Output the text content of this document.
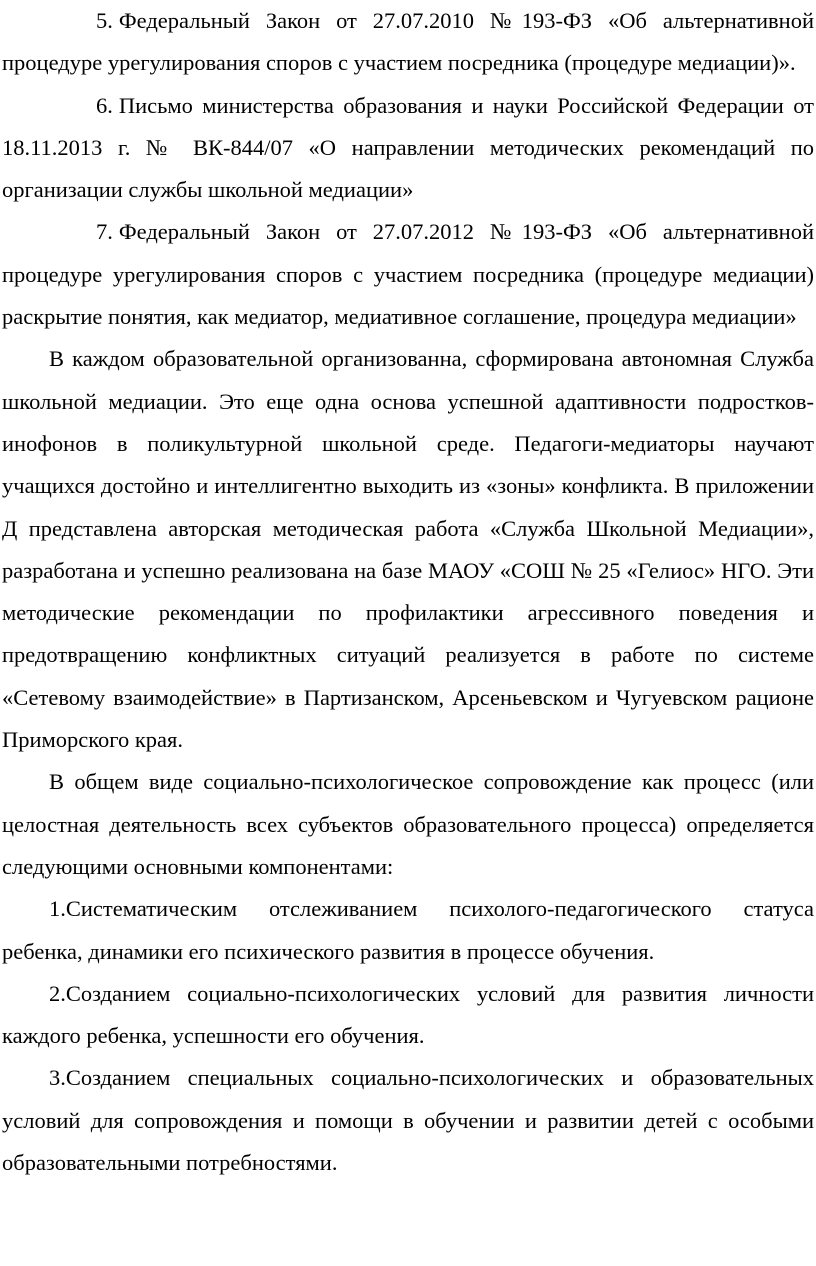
5. Федеральный Закон от 27.07.2010 №193-ФЗ «Об альтернативной процедуре урегулирования споров с участием посредника (процедуре медиации)».

6. Письмо министерства образования и науки Российской Федерации от 18.11.2013 г. № ВК-844/07 «О направлении методических рекомендаций по организации службы школьной медиации»

7. Федеральный Закон от 27.07.2012 №193-ФЗ «Об альтернативной процедуре урегулирования споров с участием посредника (процедуре медиации) раскрытие понятия, как медиатор, медиативное соглашение, процедура медиации»

В каждом образовательной организованна, сформирована автономная Служба школьной медиации. Это еще одна основа успешной адаптивности подростков-инофонов в поликультурной школьной среде. Педагоги-медиаторы научают учащихся достойно и интеллигентно выходить из «зоны» конфликта. В приложении Д представлена авторская методическая работа «Служба Школьной Медиации», разработана и успешно реализована на базе МАОУ «СОШ № 25 «Гелиос» НГО. Эти методические рекомендации по профилактики агрессивного поведения и предотвращению конфликтных ситуаций реализуется в работе по системе «Сетевому взаимодействие» в Партизанском, Арсеньевском и Чугуевском рационе Приморского края.

В общем виде социально-психологическое сопровождение как процесс (или целостная деятельность всех субъектов образовательного процесса) определяется следующими основными компонентами:

1.Систематическим отслеживанием психолого-педагогического статуса ребенка, динамики его психического развития в процессе обучения.

2.Созданием социально-психологических условий для развития личности каждого ребенка, успешности его обучения.

3.Созданием специальных социально-психологических и образовательных условий для сопровождения и помощи в обучении и развитии детей с особыми образовательными потребностями.
